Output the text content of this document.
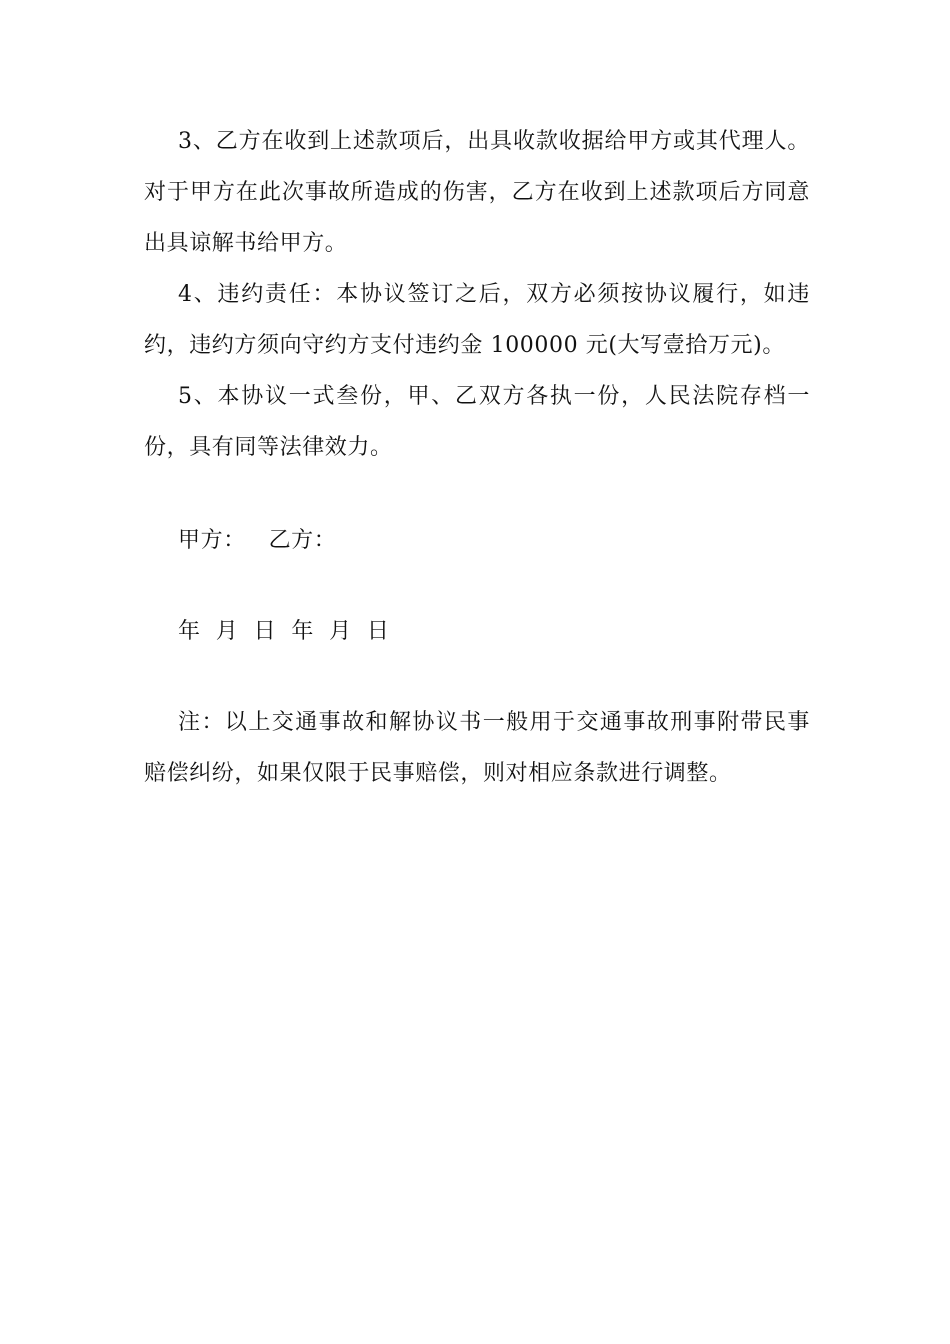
3、乙方在收到上述款项后，出具收款收据给甲方或其代理人。对于甲方在此次事故所造成的伤害，乙方在收到上述款项后方同意出具谅解书给甲方。

4、违约责任：本协议签订之后，双方必须按协议履行，如违约，违约方须向守约方支付违约金 100000 元(大写壹拾万元)。

5、本协议一式叁份，甲、乙双方各执一份，人民法院存档一份，具有同等法律效力。

甲方：   乙方：

年  月  日  年  月  日

注：以上交通事故和解协议书一般用于交通事故刑事附带民事赔偿纠纷，如果仅限于民事赔偿，则对相应条款进行调整。
